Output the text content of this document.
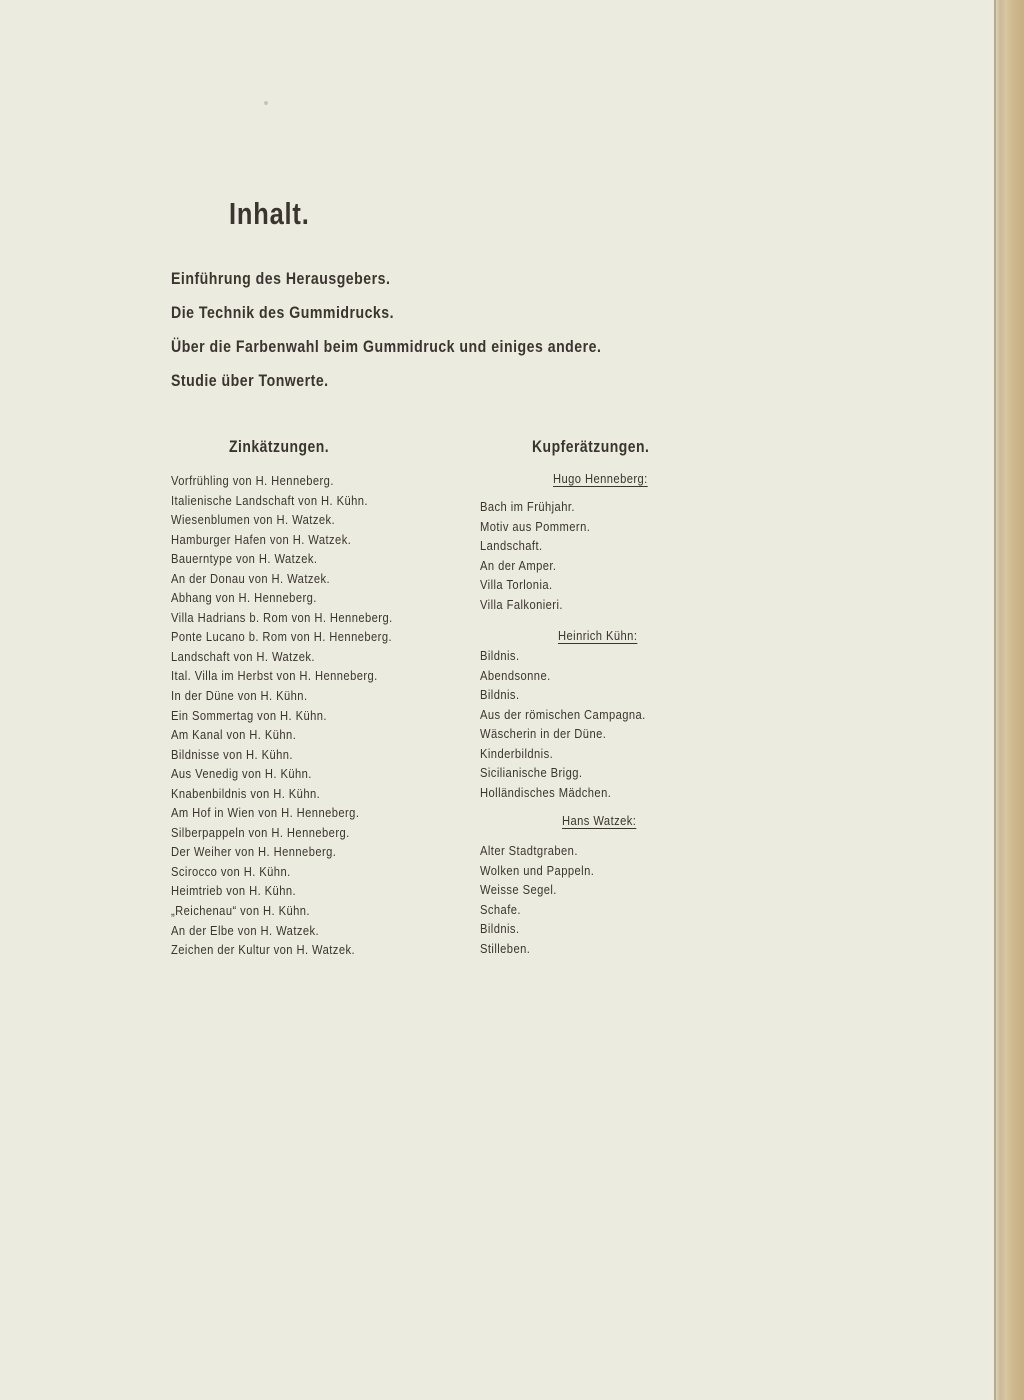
Inhalt.
Einführung des Herausgebers.
Die Technik des Gummidrucks.
Über die Farbenwahl beim Gummidruck und einiges andere.
Studie über Tonwerte.
Zinkätzungen.	Kupferätzungen.
Vorfrühling von H. Henneberg.
Italienische Landschaft von H. Kühn.
Wiesenblumen von H. Watzek.
Hamburger Hafen von H. Watzek.
Bauerntype von H. Watzek.
An der Donau von H. Watzek.
Abhang von H. Henneberg.
Villa Hadrians b. Rom von H. Henneberg.
Ponte Lucano b. Rom von H. Henneberg.
Landschaft von H. Watzek.
Ital. Villa im Herbst von H. Henneberg.
In der Düne von H. Kühn.
Ein Sommertag von H. Kühn.
Am Kanal von H. Kühn.
Bildnisse von H. Kühn.
Aus Venedig von H. Kühn.
Knabenbildnis von H. Kühn.
Am Hof in Wien von H. Henneberg.
Silberpappeln von H. Henneberg.
Der Weiher von H. Henneberg.
Scirocco von H. Kühn.
Heimtrieb von H. Kühn.
„Reichenau“ von H. Kühn.
An der Elbe von H. Watzek.
Zeichen der Kultur von H. Watzek.
Hugo Henneberg:
Bach im Frühjahr.
Motiv aus Pommern.
Landschaft.
An der Amper.
Villa Torlonia.
Villa Falkonieri.
Heinrich Kühn:
Bildnis.
Abendsonne.
Bildnis.
Aus der römischen Campagna.
Wäscherin in der Düne.
Kinderbildnis.
Sicilianische Brigg.
Holländisches Mädchen.
Hans Watzek:
Alter Stadtgraben.
Wolken und Pappeln.
Weisse Segel.
Schafe.
Bildnis.
Stilleben.
